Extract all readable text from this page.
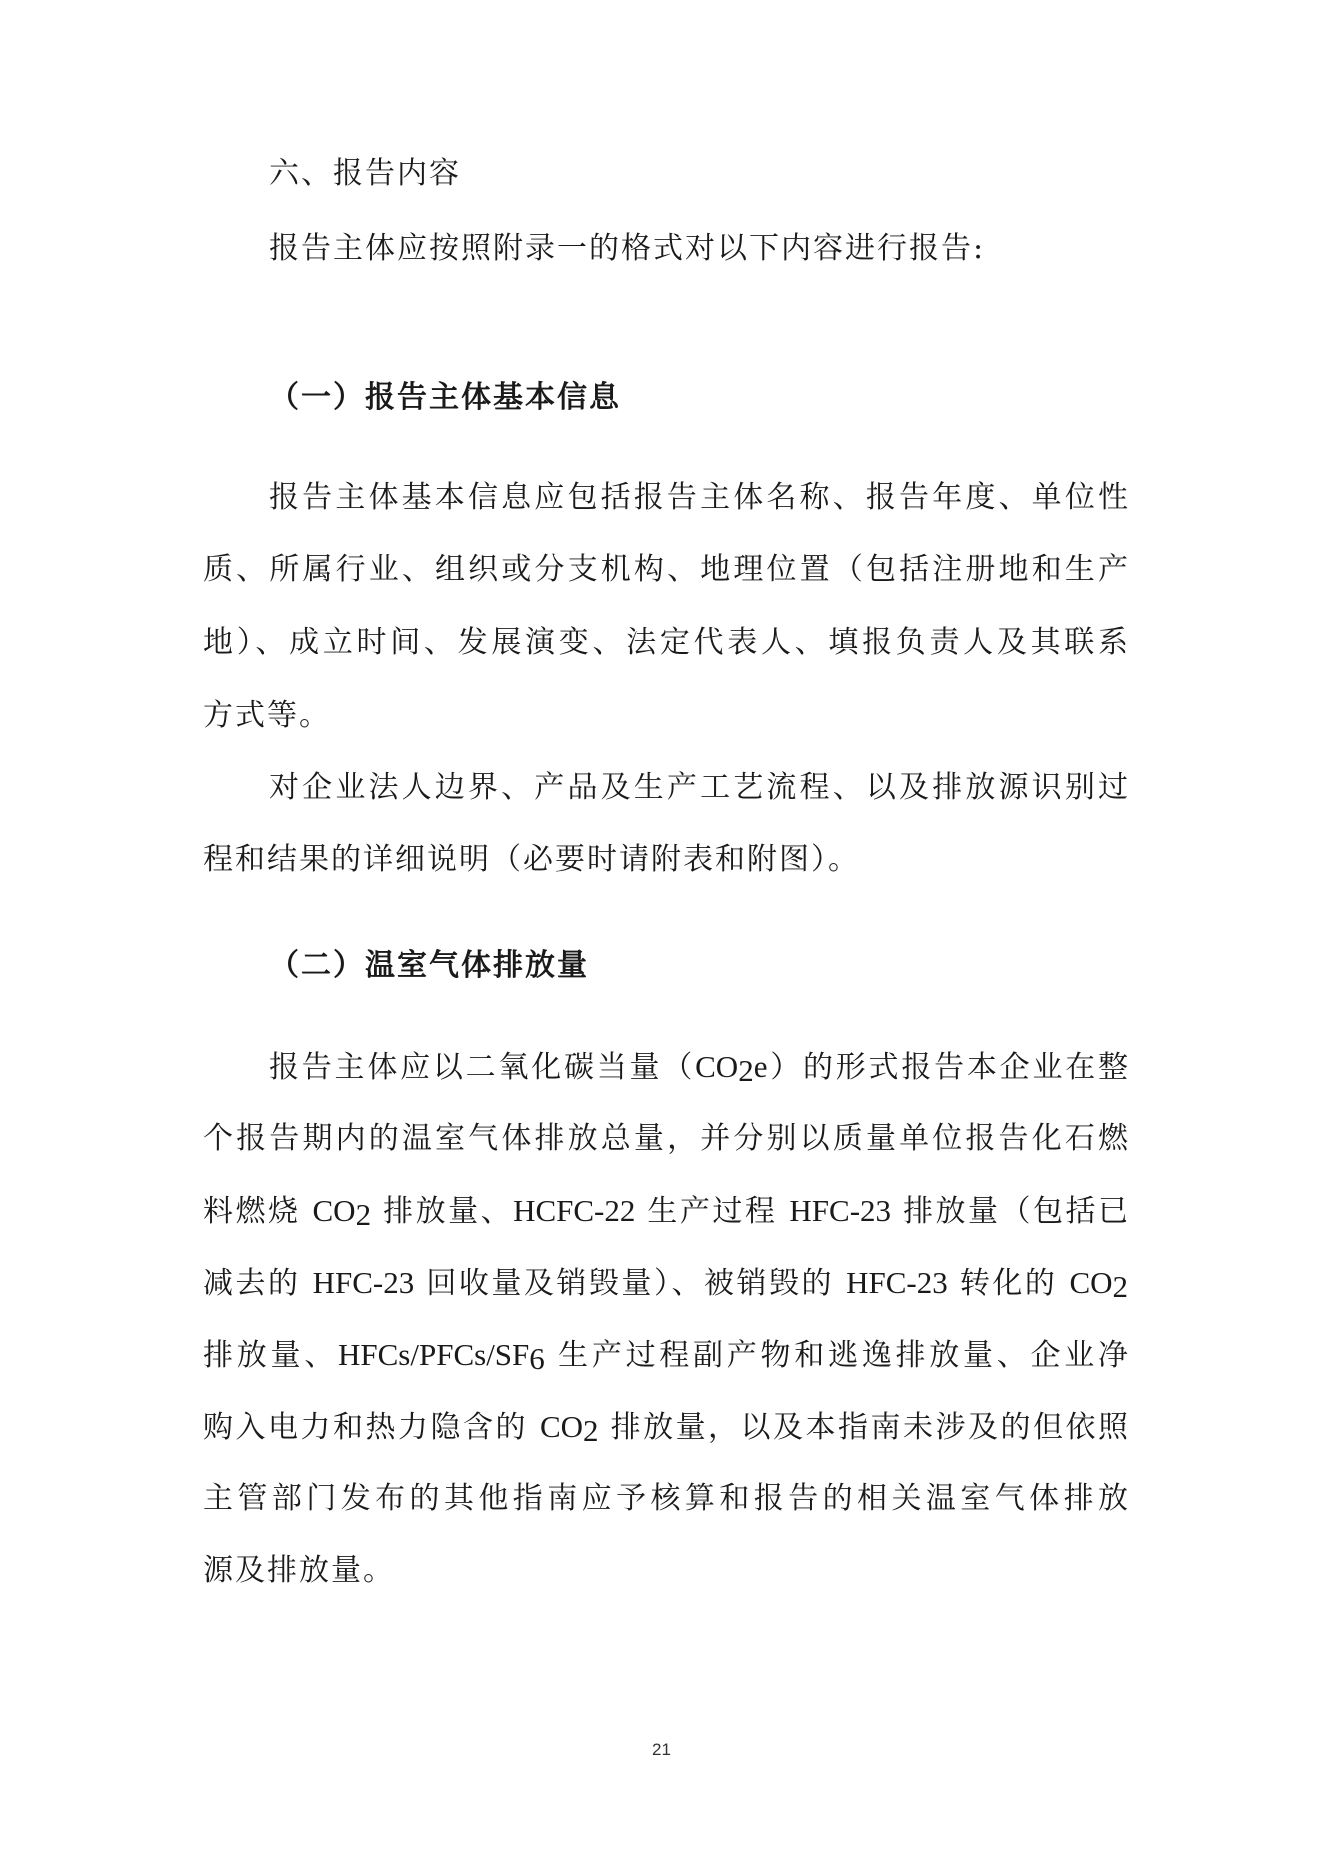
六、报告内容
报告主体应按照附录一的格式对以下内容进行报告:
（一）报告主体基本信息
报告主体基本信息应包括报告主体名称、报告年度、单位性
质、所属行业、组织或分支机构、地理位置（包括注册地和生产
地）、成立时间、发展演变、法定代表人、填报负责人及其联系
方式等。
对企业法人边界、产品及生产工艺流程、以及排放源识别过
程和结果的详细说明（必要时请附表和附图）。
（二）温室气体排放量
报告主体应以二氧化碳当量$(CO_2e)$的形式报告本企业在整
个报告期内的温室气体排放总量，并分别以质量单位报告化石燃
料燃烧 $CO_2$ 排放量、HCFC-22 生产过程 HFC-23 排放量（包括已
减去的 HFC-23 回收量及销毁量）、被销毁的 HFC-23 转化的 $CO_2$
排放量、HFCs/$PFCs/SF_6$ 生产过程副产物和逃逸排放量、企业净
购入电力和热力隐含的 $CO_2$ 排放量，以及本指南未涉及的但依照
主管部门发布的其他指南应予核算和报告的相关温室气体排放
源及排放量。
21
